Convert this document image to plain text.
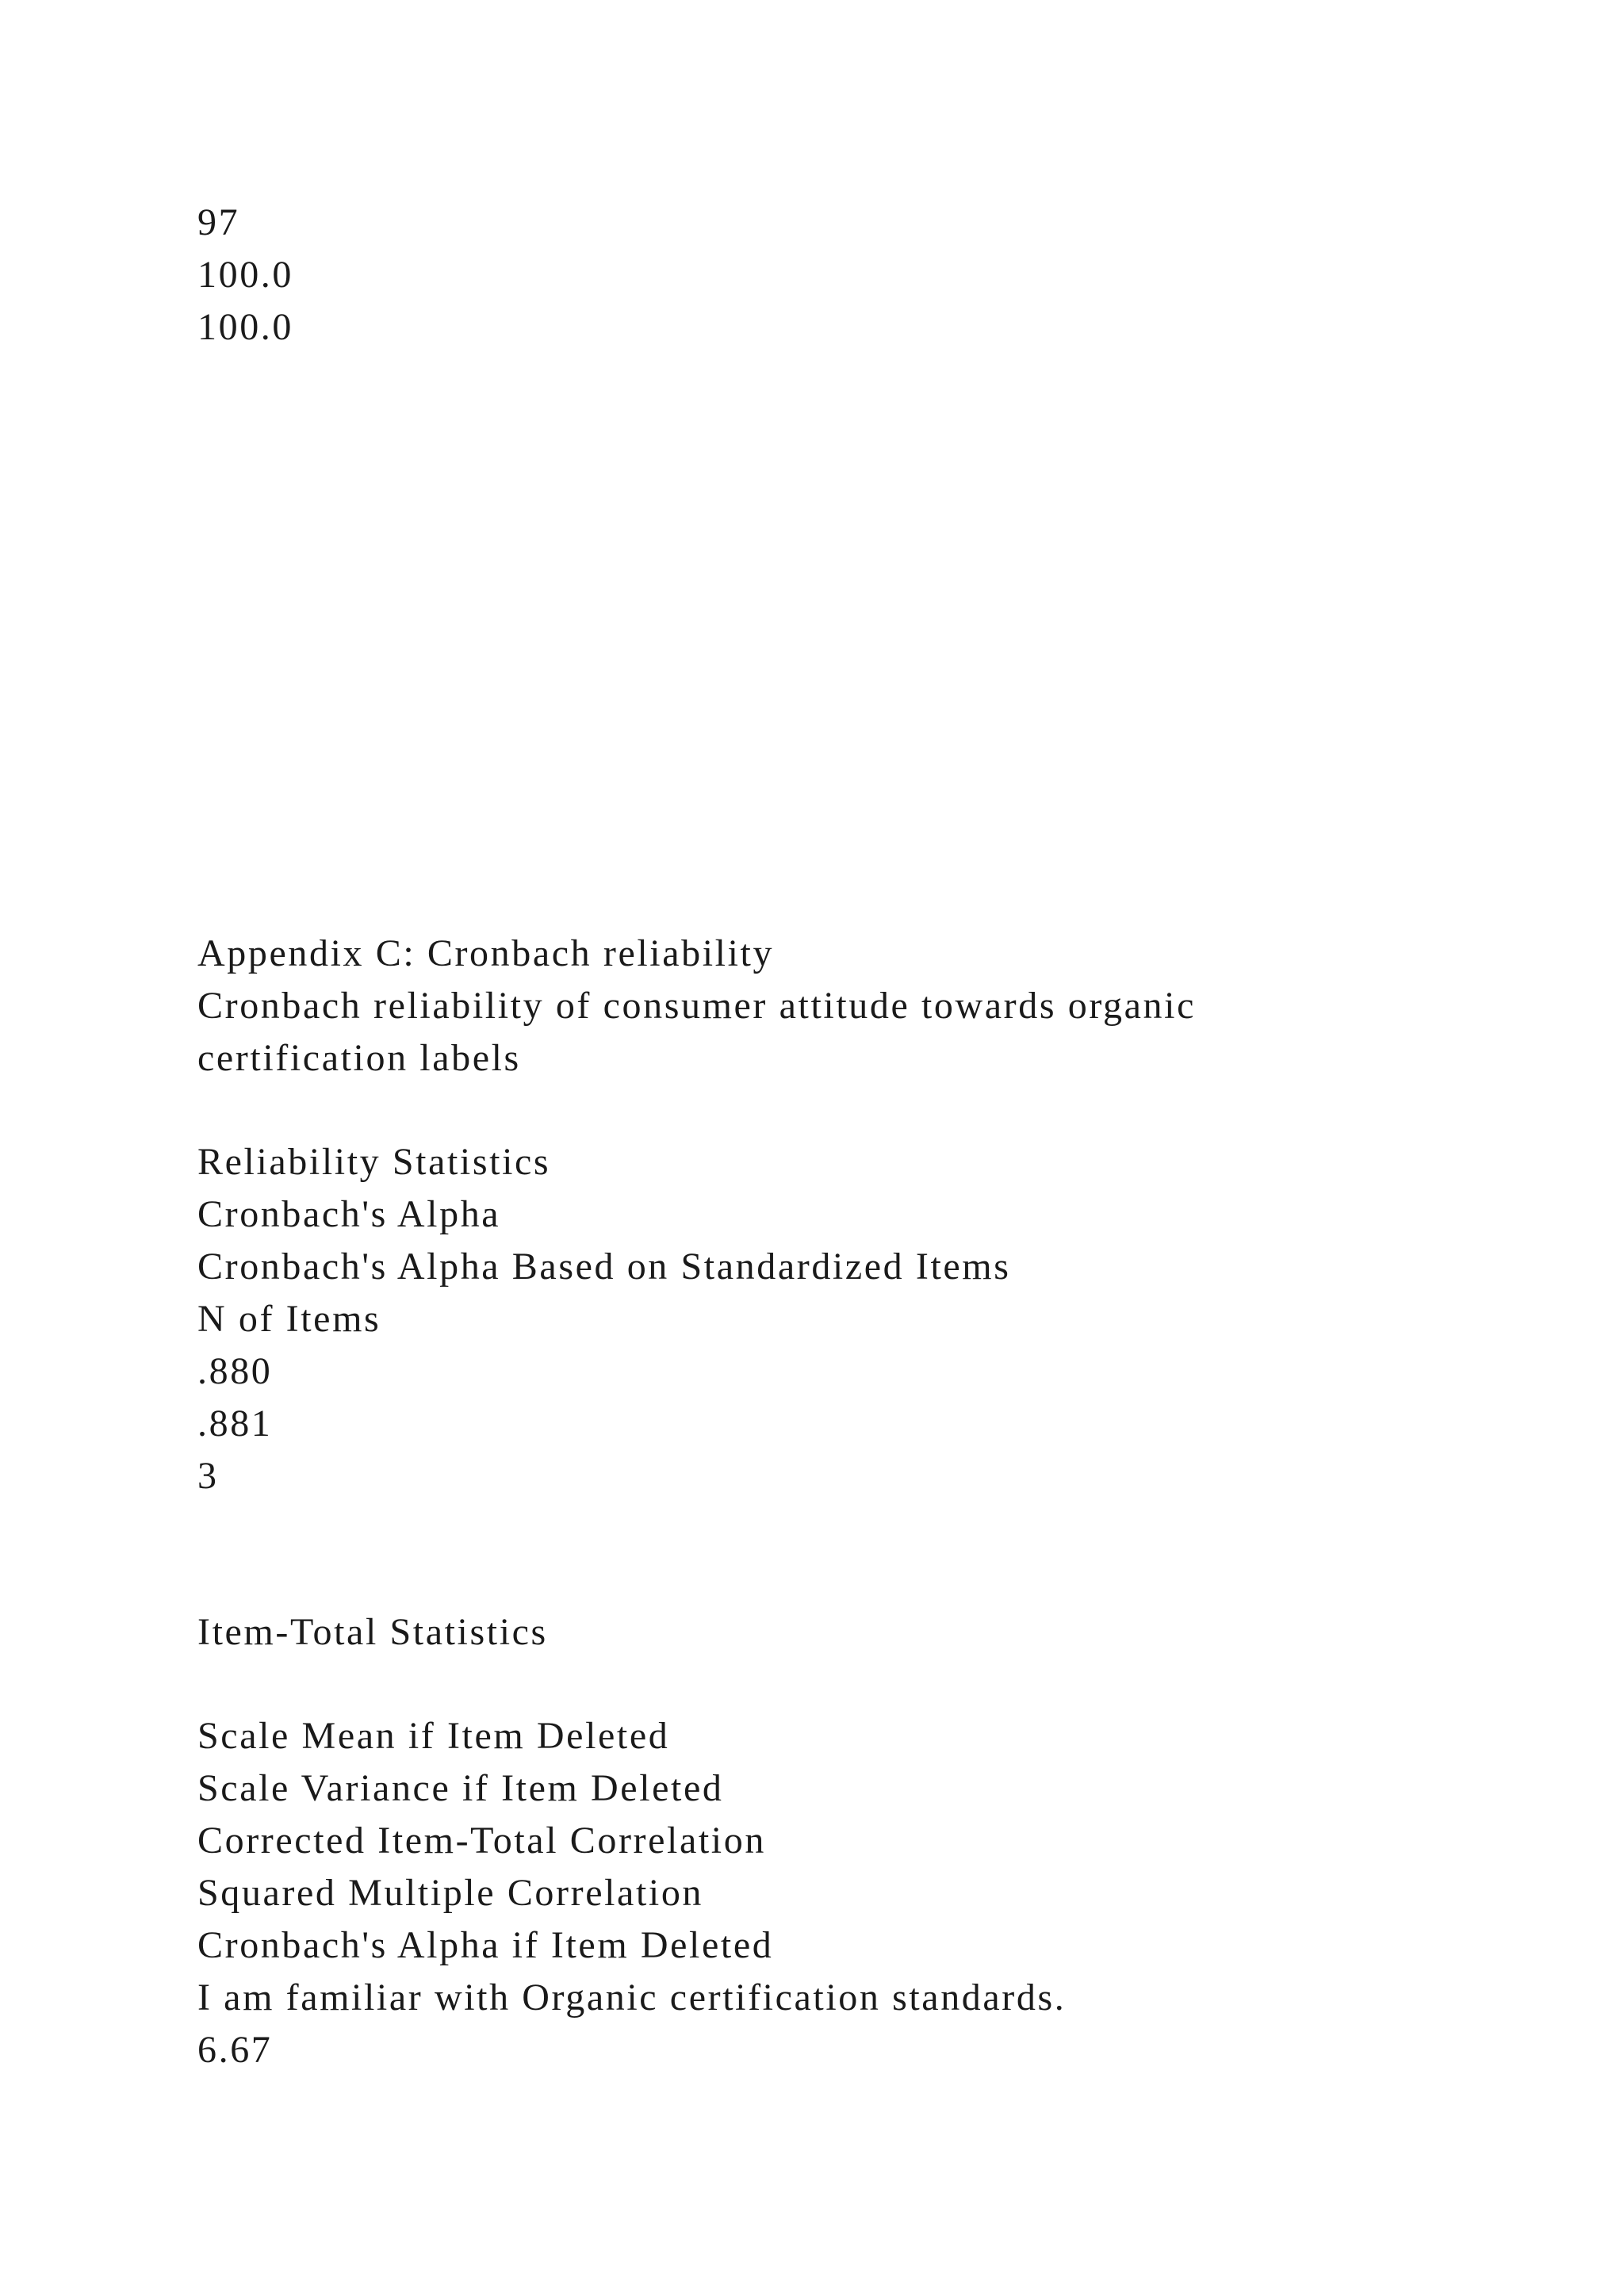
97

100.0

100.0

Appendix C: Cronbach reliability

Cronbach reliability of consumer attitude towards organic

certification labels

Reliability Statistics

Cronbach's Alpha

Cronbach's Alpha Based on Standardized Items

N of Items

.880

.881

3

Item-Total Statistics

Scale Mean if Item Deleted

Scale Variance if Item Deleted

Corrected Item-Total Correlation

Squared Multiple Correlation

Cronbach's Alpha if Item Deleted

I am familiar with Organic certification standards.

6.67
